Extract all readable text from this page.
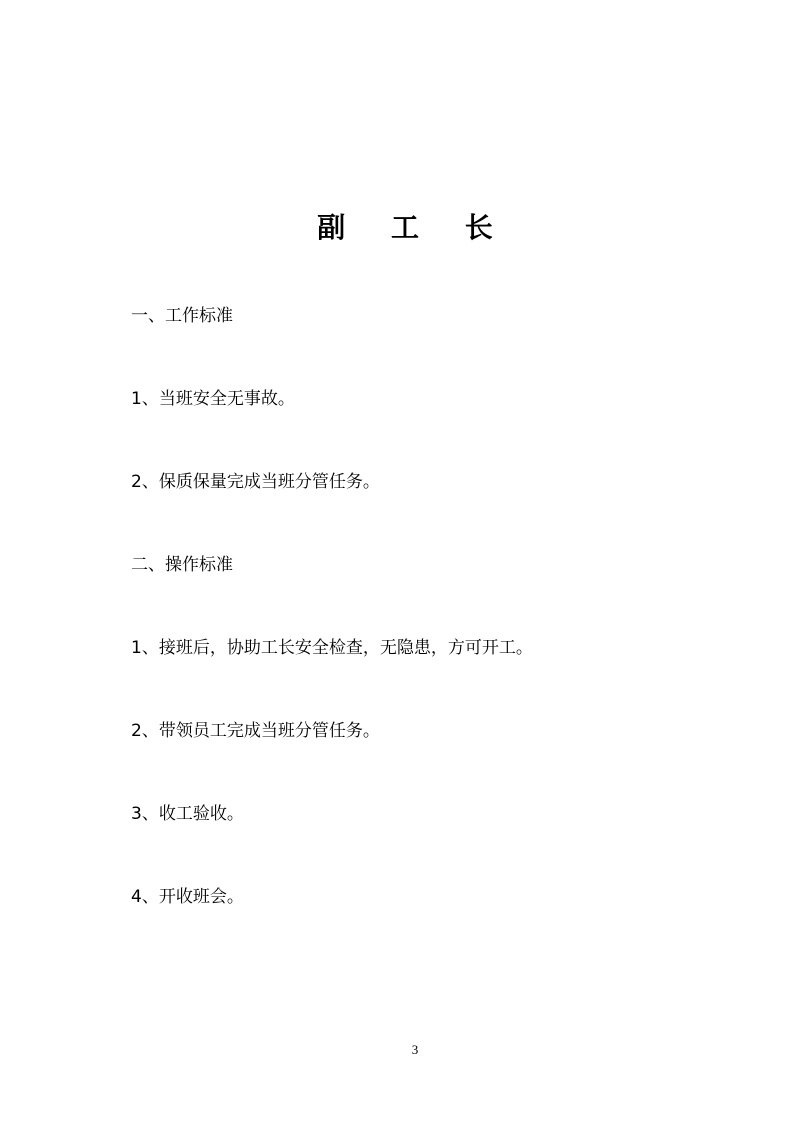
副 工 长
一、工作标准
1、当班安全无事故。
2、保质保量完成当班分管任务。
二、操作标准
1、接班后，协助工长安全检查，无隐患，方可开工。
2、带领员工完成当班分管任务。
3、收工验收。
4、开收班会。
3
